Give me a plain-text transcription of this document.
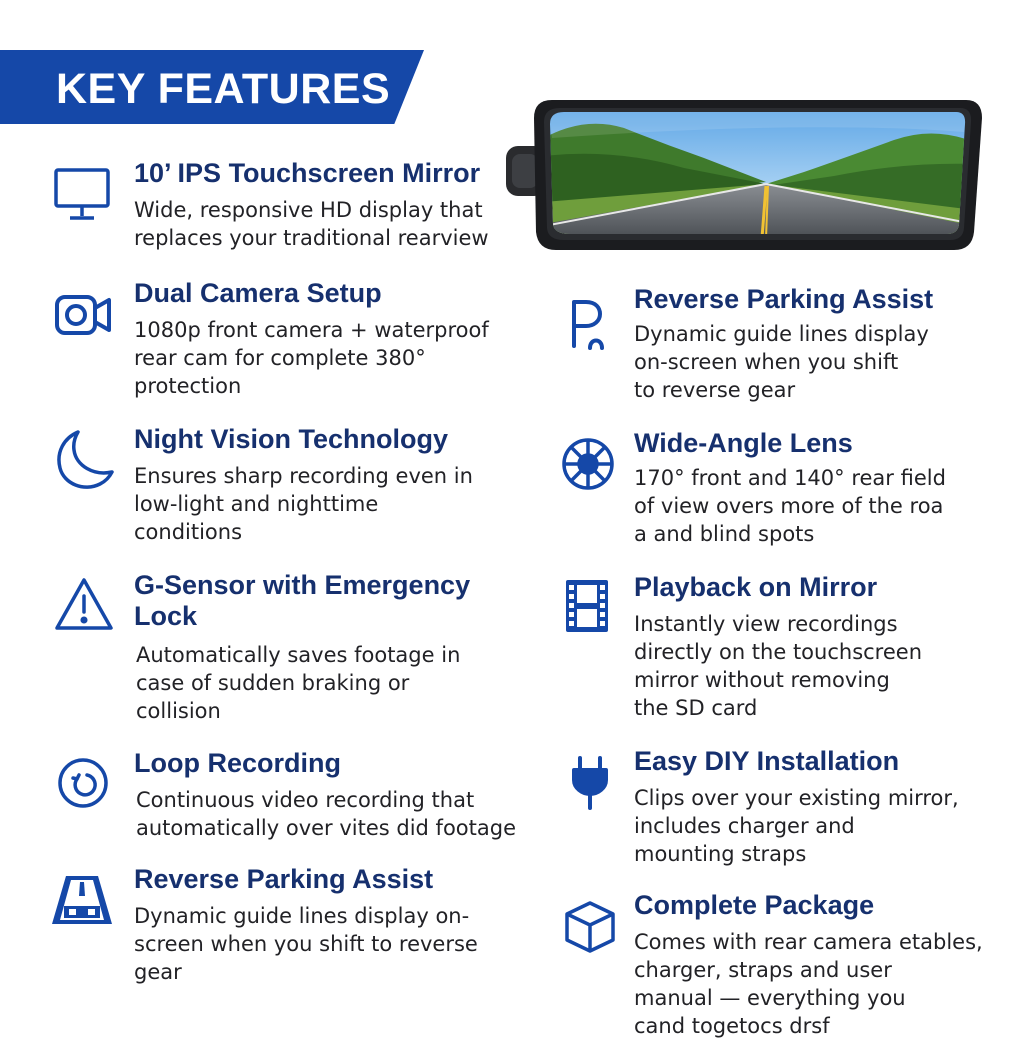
KEY FEATURES
10’ IPS Touchscreen Mirror
Wide, responsive HD display that
replaces your traditional rearview
Dual Camera Setup
1080p front camera + waterproof
rear cam for complete 380°
protection
Night Vision Technology
Ensures sharp recording even in
low-light and nighttime
conditions
G-Sensor with Emergency
Lock
Automatically saves footage in
case of sudden braking or
collision
Loop Recording
Continuous video recording that
automatically over vites did footage
Reverse Parking Assist
Dynamic guide lines display on-
screen when you shift to reverse
gear
Reverse Parking Assist
Dynamic guide lines display
on-screen when you shift
to reverse gear
Wide-Angle Lens
170° front and 140° rear field
of view overs more of the roa
a and blind spots
Playback on Mirror
Instantly view recordings
directly on the touchscreen
mirror without removing
the SD card
Easy DIY Installation
Clips over your existing mirror,
includes charger and
mounting straps
Complete Package
Comes with rear camera etables,
charger, straps and user
manual — everything you
cand togetocs drsf
